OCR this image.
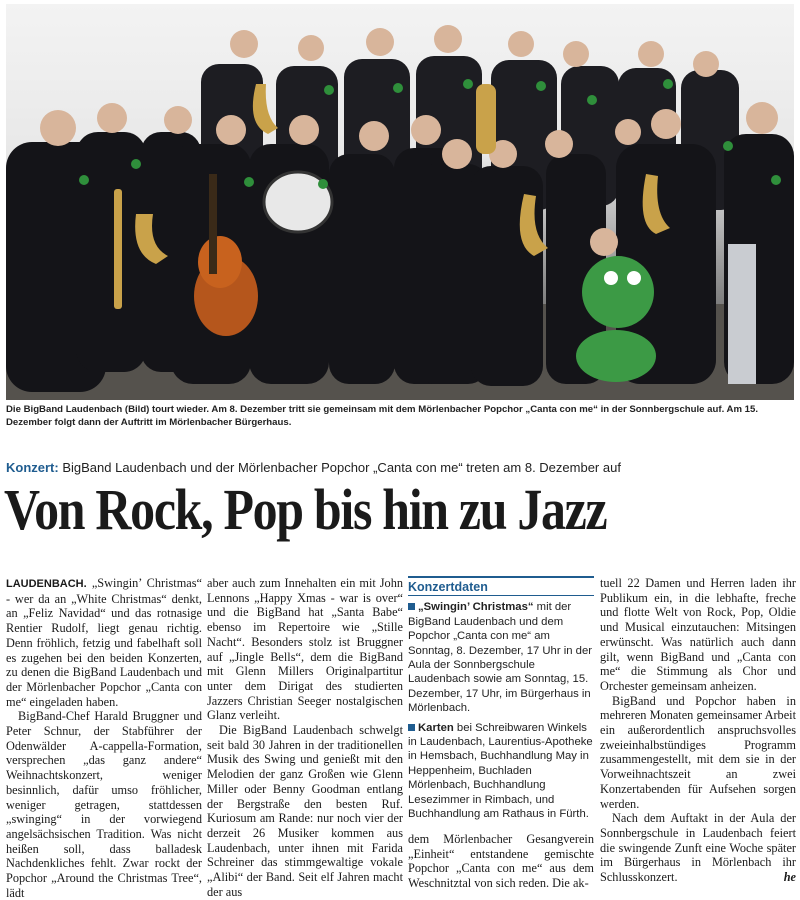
Die BigBand Laudenbach (Bild) tourt wieder. Am 8. Dezember tritt sie gemeinsam mit dem Mörlenbacher Popchor „Canta con me“ in der Sonnbergschule auf. Am 15. Dezember folgt dann der Auftritt im Mörlenbacher Bürgerhaus.
Konzert: BigBand Laudenbach und der Mörlenbacher Popchor „Canta con me“ treten am 8. Dezember auf
Von Rock, Pop bis hin zu Jazz

LAUDENBACH. „Swingin’ Christmas“ - wer da an „White Christmas“ denkt, an „Feliz Navidad“ und das rotnasige Rentier Rudolf, liegt genau richtig. Denn fröhlich, fetzig und fabelhaft soll es zugehen bei den beiden Konzerten, zu denen die BigBand Laudenbach und der Mörlenbacher Popchor „Canta con me“ eingeladen haben.

BigBand-Chef Harald Bruggner und Peter Schnur, der Stabführer der Odenwälder A-cappella-Formation, versprechen „das ganz andere“ Weihnachtskonzert, weniger besinnlich, dafür umso fröhlicher, weniger getragen, stattdessen „swinging“ in der vorwiegend angelsächsischen Tradition. Was nicht heißen soll, dass balladesk Nachdenkliches fehlt. Zwar rockt der Popchor „Around the Christmas Tree“, lädt

aber auch zum Innehalten ein mit John Lennons „Happy Xmas - war is over“ und die BigBand hat „Santa Babe“ ebenso im Repertoire wie „Stille Nacht“. Besonders stolz ist Bruggner auf „Jingle Bells“, dem die BigBand mit Glenn Millers Originalpartitur unter dem Dirigat des studierten Jazzers Christian Seeger nostalgischen Glanz verleiht.

Die BigBand Laudenbach schwelgt seit bald 30 Jahren in der traditionellen Musik des Swing und genießt mit den Melodien der ganz Großen wie Glenn Miller oder Benny Goodman entlang der Bergstraße den besten Ruf. Kuriosum am Rande: nur noch vier der derzeit 26 Musiker kommen aus Laudenbach, unter ihnen mit Farida Schreiner das stimmgewaltige vokale „Alibi“ der Band. Seit elf Jahren macht der aus

Konzertdaten

„Swingin’ Christmas“ mit der BigBand Laudenbach und dem Popchor „Canta con me“ am Sonntag, 8. Dezember, 17 Uhr in der Aula der Sonnbergschule Laudenbach sowie am Sonntag, 15. Dezember, 17 Uhr, im Bürgerhaus in Mörlenbach.

Karten bei Schreibwaren Winkels in Laudenbach, Laurentius-Apotheke in Hemsbach, Buchhandlung May in Heppenheim, Buchladen Mörlenbach, Buchhandlung Lesezimmer in Rimbach, und Buchhandlung am Rathaus in Fürth.

dem Mörlenbacher Gesangverein „Einheit“ entstandene gemischte Popchor „Canta con me“ aus dem Weschnitztal von sich reden. Die ak-

tuell 22 Damen und Herren laden ihr Publikum ein, in die lebhafte, freche und flotte Welt von Rock, Pop, Oldie und Musical einzutauchen: Mitsingen erwünscht. Was natürlich auch dann gilt, wenn BigBand und „Canta con me“ die Stimmung als Chor und Orchester gemeinsam anheizen.

BigBand und Popchor haben in mehreren Monaten gemeinsamer Arbeit ein außerordentlich anspruchsvolles zweieinhalbstündiges Programm zusammengestellt, mit dem sie in der Vorweihnachtszeit an zwei Konzertabenden für Aufsehen sorgen werden.

Nach dem Auftakt in der Aula der Sonnbergschule in Laudenbach feiert die swingende Zunft eine Woche später im Bürgerhaus in Mörlenbach ihr Schlusskonzert.	he
